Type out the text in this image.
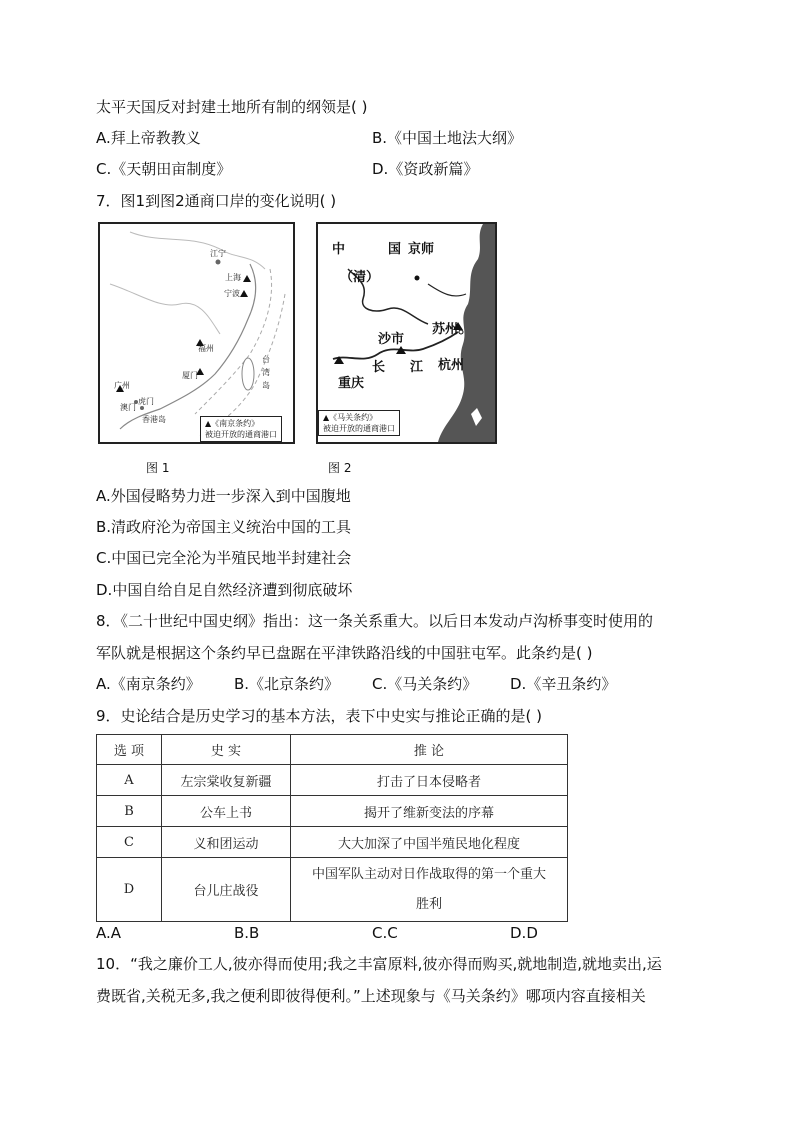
太平天国反对封建土地所有制的纲领是( )
A.拜上帝教教义	B.《中国土地法大纲》
C.《天朝田亩制度》	D.《资政新篇》
7．图1到图2通商口岸的变化说明( )
江宁
上海
宁波
福州
厦门
广州
澳门
虎门
香港岛
台
湾
岛
▲《南京条约》
被迫开放的通商港口
图 1
中	国 京师
（清）
沙市
苏州
长 江 杭州
重庆
▲《马关条约》
被迫开放的通商港口
图 2
A.外国侵略势力进一步深入到中国腹地
B.清政府沦为帝国主义统治中国的工具
C.中国已完全沦为半殖民地半封建社会
D.中国自给自足自然经济遭到彻底破坏
8．《二十世纪中国史纲》指出：这一条关系重大。以后日本发动卢沟桥事变时使用的
军队就是根据这个条约早已盘踞在平津铁路沿线的中国驻屯军。此条约是( )
A.《南京条约》 B.《北京条约》 C.《马关条约》 D.《辛丑条约》
9．史论结合是历史学习的基本方法，表下中史实与推论正确的是( )
选 项	史 实	推 论
A	左宗棠收复新疆	打击了日本侵略者
B	公车上书	揭开了维新变法的序幕
C	义和团运动	大大加深了中国半殖民地化程度
D	台儿庄战役	中国军队主动对日作战取得的第一个重大
胜利
A.A	B.B	C.C	D.D
10．“我之廉价工人,彼亦得而使用;我之丰富原料,彼亦得而购买,就地制造,就地卖出,运
费既省,关税无多,我之便利即彼得便利。”上述现象与《马关条约》哪项内容直接相关
